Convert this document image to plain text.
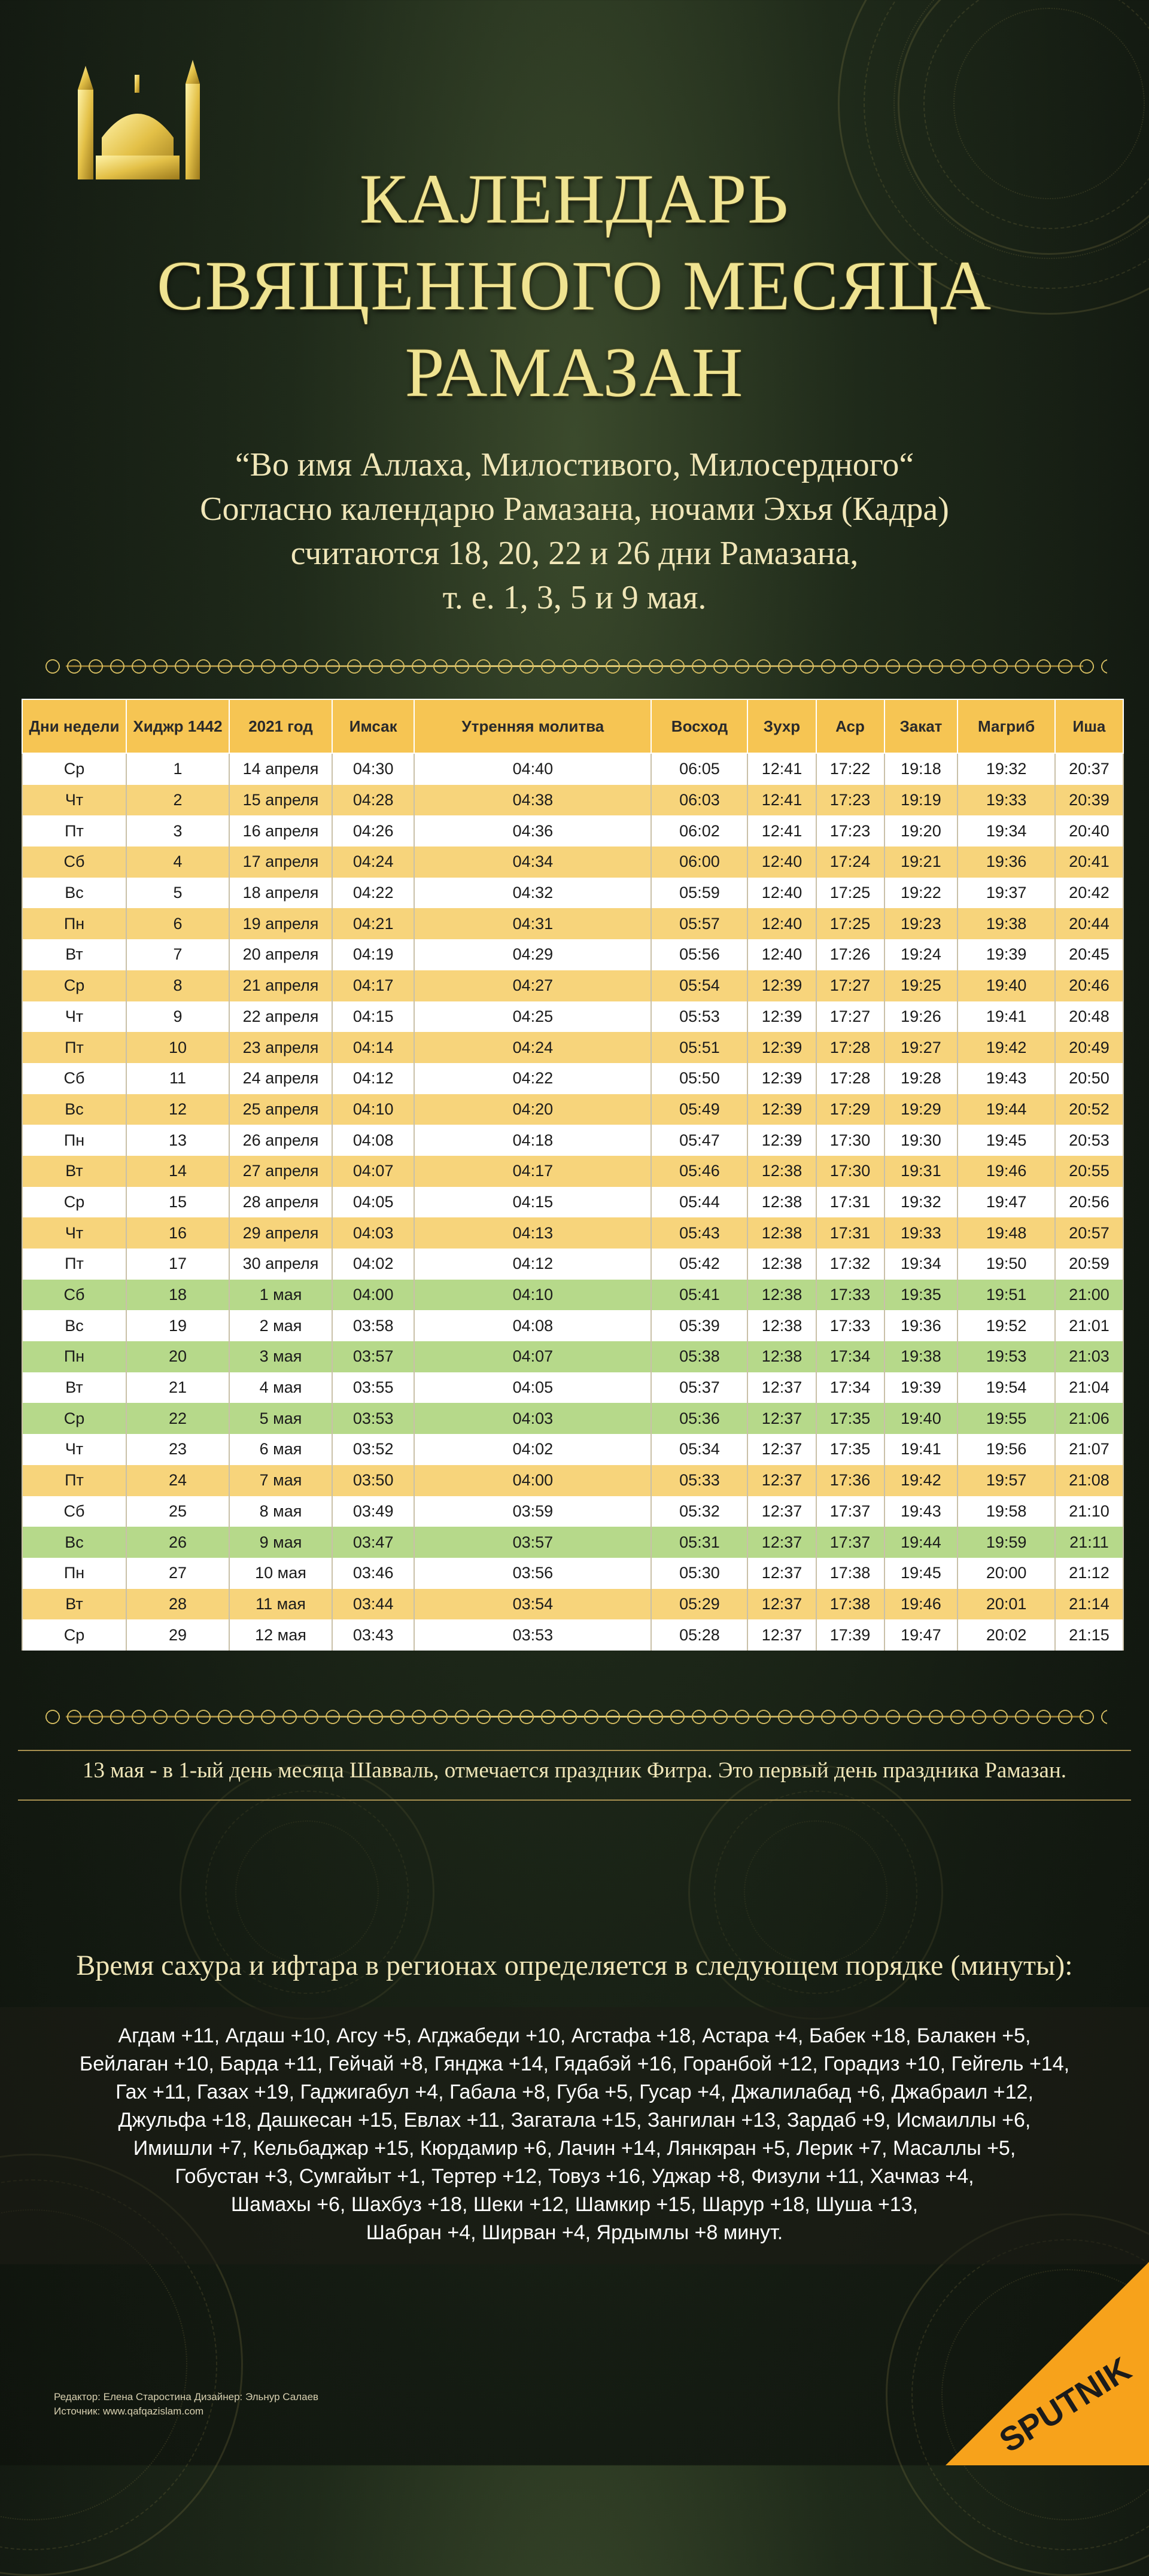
КАЛЕНДАРЬ
СВЯЩЕННОГО МЕСЯЦА
РАМАЗАН

“Во имя Аллаха, Милостивого, Милосердного“

Согласно календарю Рамазана, ночами Эхья (Кадра)

считаются 18, 20, 22 и 26 дни Рамазана,

т. е. 1, 3, 5 и 9 мая.

Дни недели	Хиджр 1442	2021 год	Имсак	Утренняя молитва	Восход	Зухр	Аср	Закат	Магриб	Иша
Ср	1	14 апреля	04:30	04:40	06:05	12:41	17:22	19:18	19:32	20:37
Чт	2	15 апреля	04:28	04:38	06:03	12:41	17:23	19:19	19:33	20:39
Пт	3	16 апреля	04:26	04:36	06:02	12:41	17:23	19:20	19:34	20:40
Сб	4	17 апреля	04:24	04:34	06:00	12:40	17:24	19:21	19:36	20:41
Вс	5	18 апреля	04:22	04:32	05:59	12:40	17:25	19:22	19:37	20:42
Пн	6	19 апреля	04:21	04:31	05:57	12:40	17:25	19:23	19:38	20:44
Вт	7	20 апреля	04:19	04:29	05:56	12:40	17:26	19:24	19:39	20:45
Ср	8	21 апреля	04:17	04:27	05:54	12:39	17:27	19:25	19:40	20:46
Чт	9	22 апреля	04:15	04:25	05:53	12:39	17:27	19:26	19:41	20:48
Пт	10	23 апреля	04:14	04:24	05:51	12:39	17:28	19:27	19:42	20:49
Сб	11	24 апреля	04:12	04:22	05:50	12:39	17:28	19:28	19:43	20:50
Вс	12	25 апреля	04:10	04:20	05:49	12:39	17:29	19:29	19:44	20:52
Пн	13	26 апреля	04:08	04:18	05:47	12:39	17:30	19:30	19:45	20:53
Вт	14	27 апреля	04:07	04:17	05:46	12:38	17:30	19:31	19:46	20:55
Ср	15	28 апреля	04:05	04:15	05:44	12:38	17:31	19:32	19:47	20:56
Чт	16	29 апреля	04:03	04:13	05:43	12:38	17:31	19:33	19:48	20:57
Пт	17	30 апреля	04:02	04:12	05:42	12:38	17:32	19:34	19:50	20:59
Сб	18	1 мая	04:00	04:10	05:41	12:38	17:33	19:35	19:51	21:00
Вс	19	2 мая	03:58	04:08	05:39	12:38	17:33	19:36	19:52	21:01
Пн	20	3 мая	03:57	04:07	05:38	12:38	17:34	19:38	19:53	21:03
Вт	21	4 мая	03:55	04:05	05:37	12:37	17:34	19:39	19:54	21:04
Ср	22	5 мая	03:53	04:03	05:36	12:37	17:35	19:40	19:55	21:06
Чт	23	6 мая	03:52	04:02	05:34	12:37	17:35	19:41	19:56	21:07
Пт	24	7 мая	03:50	04:00	05:33	12:37	17:36	19:42	19:57	21:08
Сб	25	8 мая	03:49	03:59	05:32	12:37	17:37	19:43	19:58	21:10
Вс	26	9 мая	03:47	03:57	05:31	12:37	17:37	19:44	19:59	21:11
Пн	27	10 мая	03:46	03:56	05:30	12:37	17:38	19:45	20:00	21:12
Вт	28	11 мая	03:44	03:54	05:29	12:37	17:38	19:46	20:01	21:14
Ср	29	12 мая	03:43	03:53	05:28	12:37	17:39	19:47	20:02	21:15
13 мая - в 1-ый день месяца Шавваль, отмечается праздник Фитра. Это первый день праздника Рамазан.
Время сахура и ифтара в регионах определяется в следующем порядке (минуты):
Агдам +11, Агдаш +10, Агсу +5, Агджабеди +10, Агстафа +18, Астара +4, Бабек +18, Балакен +5,
Бейлаган +10, Барда +11, Гейчай +8, Гянджа +14, Гядабэй +16, Горанбой +12, Горадиз +10, Гейгель +14,
Гах +11, Газах +19, Гаджигабул +4, Габала +8, Губа +5, Гусар +4, Джалилабад +6, Джабраил +12,
Джульфа +18, Дашкесан +15, Евлах +11, Загатала +15, Зангилан +13, Зардаб +9, Исмаиллы +6,
Имишли +7, Кельбаджар +15, Кюрдамир +6, Лачин +14, Лянкяран +5, Лерик +7, Масаллы +5,
Гобустан +3, Сумгайыт +1, Тертер +12, Товуз +16, Уджар +8, Физули +11, Хачмаз +4,
Шамахы +6, Шахбуз +18, Шеки +12, Шамкир +15, Шарур +18, Шуша +13,
Шабран +4, Ширван +4, Ярдымлы +8 минут.
Редактор: Елена Старостина Дизайнер: Эльнур Салаев
Источник: www.qafqazislam.com	SPUTNIK
